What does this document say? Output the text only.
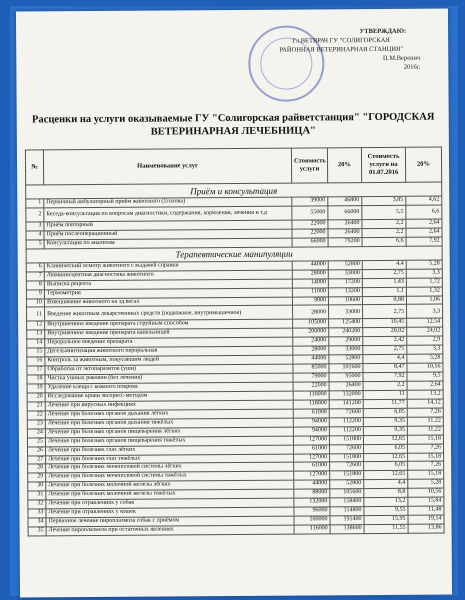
УТВЕРЖДАЮ:
Гл.ВЕТВРАЧ ГУ "СОЛИГОРСКАЯ
РАЙОННАЯ ВЕТЕРИНАРНАЯ СТАНЦИЯ"
П.М.Веренич
2016г.
Расценки на услуги оказываемые ГУ "Солигорская райветстанция" "ГОРОДСКАЯ ВЕТЕРИНАРНАЯ ЛЕЧЕБНИЦА"
№	Наименование услуг	Стоимость услуги	20%	Стоимость услуги на 01.07.2016	20%
Приём и консультация					
1	Первичный амбулаторный приём животного (1голова)	39000	46800	3,85	4,62
2	Беседа-консультация по вопросам диагностики, содержания, кормления, лечения и т.д	55000	66000	5,5	6,6
3	Приём повторный	22000	26400	2,2	2,64
4	Приём послеоперационный	22000	26400	2,2	2,64
5	Консультация по анализам	66000	79200	6,6	7,92
Терапевтические манипуляции					
6	Клинический осмотр животного с выдачей справки	44000	52800	4,4	5,28
7	Люминисцентная диагностика животного	28000	33000	2,75	3,3
8	Выписка рецепта	14000	17200	1,43	1,72
9	Термометрия	11000	13200	1,1	1,32
10	Взвешивание животного на зд.весах	9000	10600	0,88	1,06
11	Введение животным лекарственных средств (подкожное, внутримышечное)	28000	33000	2,75	3,3
12	Внутривенное введение препарата струйным способом	105000	125400	10,45	12,54
13	Внутривенное введение препарата капельницей	200000	240200	20,02	24,02
14	Пероральное введение препарата	24000	29000	2,42	2,9
15	Дегельминтизация животного пероральная	28000	33000	2,75	3,3
16	Контроль за животным, покусавшим людей	44000	52800	4,4	5,28
17	Обработка от эктопаразитов (уши)	85000	101600	8,47	10,16
18	Чистка ушных раковин (без лечения)	79000	95000	7,92	9,5
19	Удаление клеща с кожного покрова	22000	26400	2,2	2,64
20	Исследование крови экспресс-методом	110000	132000	11	13,2
21	Лечение при вирусных инфекциях	118000	141200	11,77	14,12
22	Лечение при болезнях органов дыхания лёгких	61000	72600	6,05	7,26
23	Лечение при болезнях органов дыхания тяжёлых	94000	112200	9,35	11,22
24	Лечение при болезнях органов пищеварения лёгких	94000	112200	9,35	11,22
25	Лечение при болезнях органов пищеварения тяжёлых	127000	151800	12,65	15,18
26	Лечение при болезнях глаз лёгких	61000	72600	6,05	7,26
27	Лечение при болезнях глаз тяжёлых	127000	151800	12,65	15,18
28	Лечение при болезнях мочеполовой системы лёгких	61000	72600	6,05	7,26
29	Лечение при болезнях мочеполовой системы тяжёлых	127000	151800	12,65	15,18
30	Лечение при болезнях молочной железы лёгких	44000	52800	4,4	5,28
31	Лечение при болезнях молочной железы тяжёлых	88000	105600	8,8	10,56
32	Лечение при отравлениях у собак	132000	158400	13,2	15,84
33	Лечение при отравлениях у кошек	96000	114800	9,55	11,48
34	Первичное лечение пироплазмоза собак с приёмом	160000	191400	15,95	19,14
35	Лечение пироплазмоза при остаточных явлениях	116000	138600	11,55	13,86
